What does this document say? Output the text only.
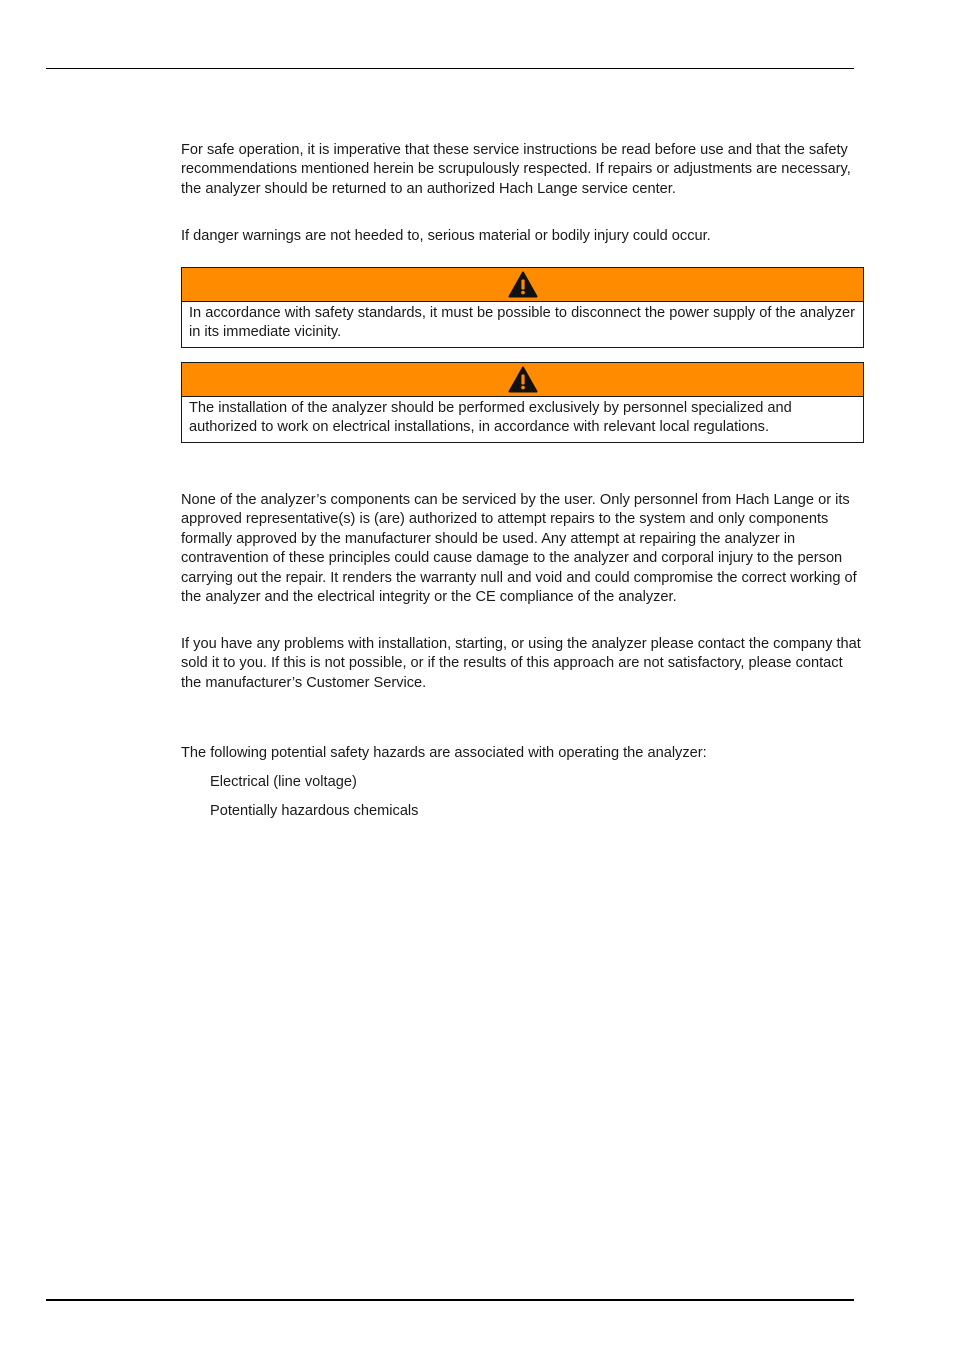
For safe operation, it is imperative that these service instructions be read before use and that the safety recommendations mentioned herein be scrupulously respected. If repairs or adjustments are necessary, the analyzer should be returned to an authorized Hach Lange service center.

If danger warnings are not heeded to, serious material or bodily injury could occur.

In accordance with safety standards, it must be possible to disconnect the power supply of the analyzer in its immediate vicinity.
The installation of the analyzer should be performed exclusively by personnel specialized and authorized to work on electrical installations, in accordance with relevant local regulations.

None of the analyzer’s components can be serviced by the user. Only personnel from Hach Lange or its approved representative(s) is (are) authorized to attempt repairs to the system and only components formally approved by the manufacturer should be used. Any attempt at repairing the analyzer in contravention of these principles could cause damage to the analyzer and corporal injury to the person carrying out the repair. It renders the warranty null and void and could compromise the correct working of the analyzer and the electrical integrity or the CE compliance of the analyzer.

If you have any problems with installation, starting, or using the analyzer please contact the company that sold it to you. If this is not possible, or if the results of this approach are not satisfactory, please contact the manufacturer’s Customer Service.

The following potential safety hazards are associated with operating the analyzer:

Electrical (line voltage)
Potentially hazardous chemicals
